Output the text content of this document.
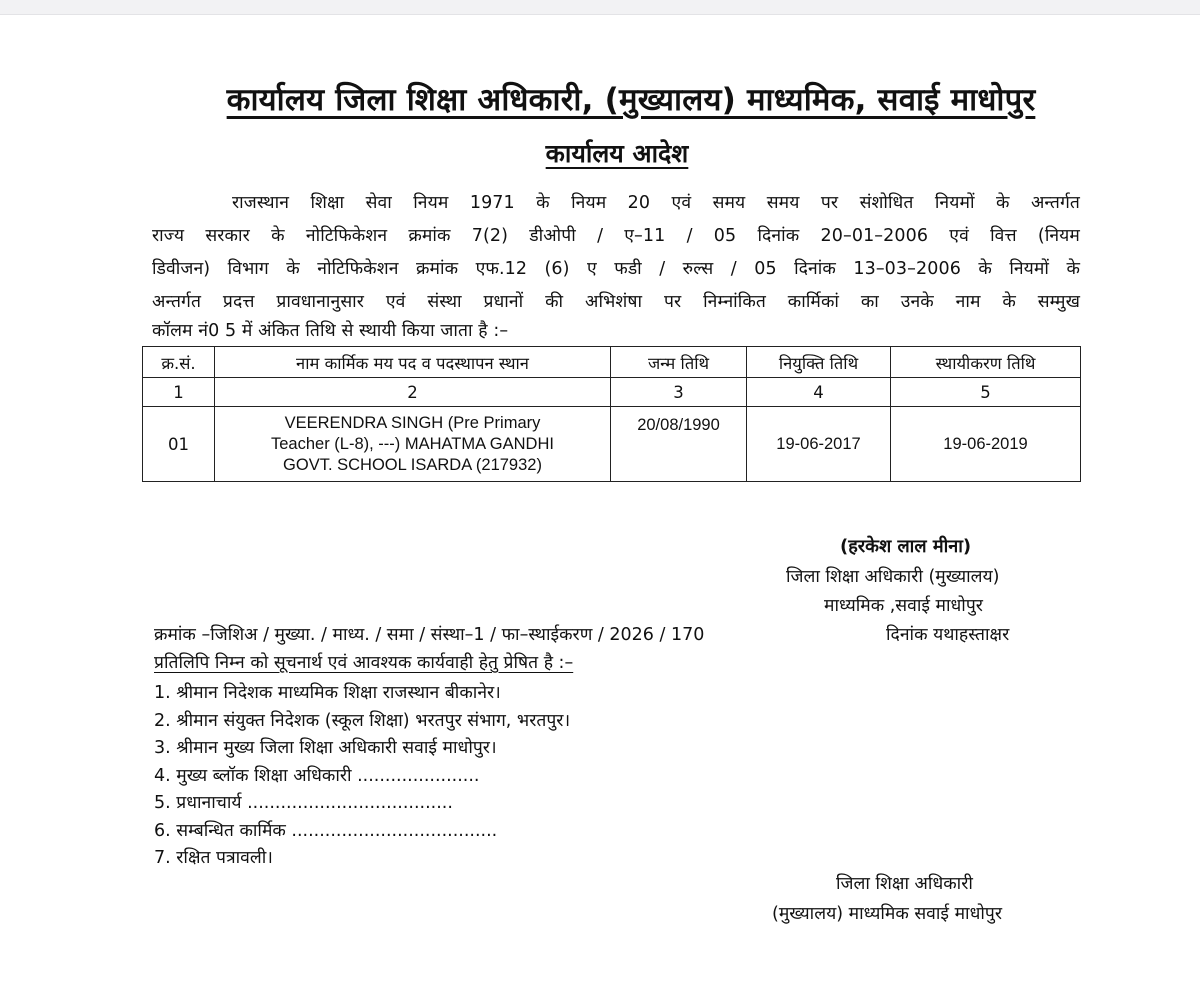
कार्यालय जिला शिक्षा अधिकारी, (मुख्यालय) माध्यमिक, सवाई माधोपुर
कार्यालय आदेश
राजस्थान शिक्षा सेवा नियम 1971 के नियम 20 एवं समय समय पर संशोधित नियमों के अन्तर्गत
राज्य सरकार के नोटिफिकेशन क्रमांक 7(2) डीओपी / ए–11 / 05 दिनांक 20–01–2006 एवं वित्त (नियम
डिवीजन) विभाग के नोटिफिकेशन क्रमांक एफ.12 (6) ए फडी / रुल्स / 05 दिनांक 13–03–2006 के नियमों के
अन्तर्गत प्रदत्त प्रावधानानुसार एवं संस्था प्रधानों की अभिशंषा पर निम्नांकित कार्मिकां का उनके नाम के सम्मुख
कॉलम नं0 5 में अंकित तिथि से स्थायी किया जाता है :–
क्र.सं.	नाम कार्मिक मय पद व पदस्थापन स्थान	जन्म तिथि	नियुक्ति तिथि	स्थायीकरण तिथि
1	2	3	4	5
01	VEERENDRA SINGH (Pre Primary
Teacher (L-8), ---) MAHATMA GANDHI
GOVT. SCHOOL ISARDA (217932)	20/08/1990	19-06-2017	19-06-2019
(हरकेश लाल मीना)
जिला शिक्षा अधिकारी (मुख्यालय)
माध्यमिक ,सवाई माधोपुर
क्रमांक –जिशिअ / मुख्या. / माध्य. / समा / संस्था–1 / फा–स्थाईकरण / 2026 / 170	दिनांक यथाहस्ताक्षर
प्रतिलिपि निम्न को सूचनार्थ एवं आवश्यक कार्यवाही हेतु प्रेषित है :–
1. श्रीमान निदेशक माध्यमिक शिक्षा राजस्थान बीकानेर।
2. श्रीमान संयुक्त निदेशक (स्कूल शिक्षा) भरतपुर संभाग, भरतपुर।
3. श्रीमान मुख्य जिला शिक्षा अधिकारी सवाई माधोपुर।
4. मुख्य ब्लॉक शिक्षा अधिकारी ......................
5. प्रधानाचार्य .....................................
6. सम्बन्धित कार्मिक .....................................
7. रक्षित पत्रावली।
जिला शिक्षा अधिकारी
(मुख्यालय) माध्यमिक सवाई माधोपुर
